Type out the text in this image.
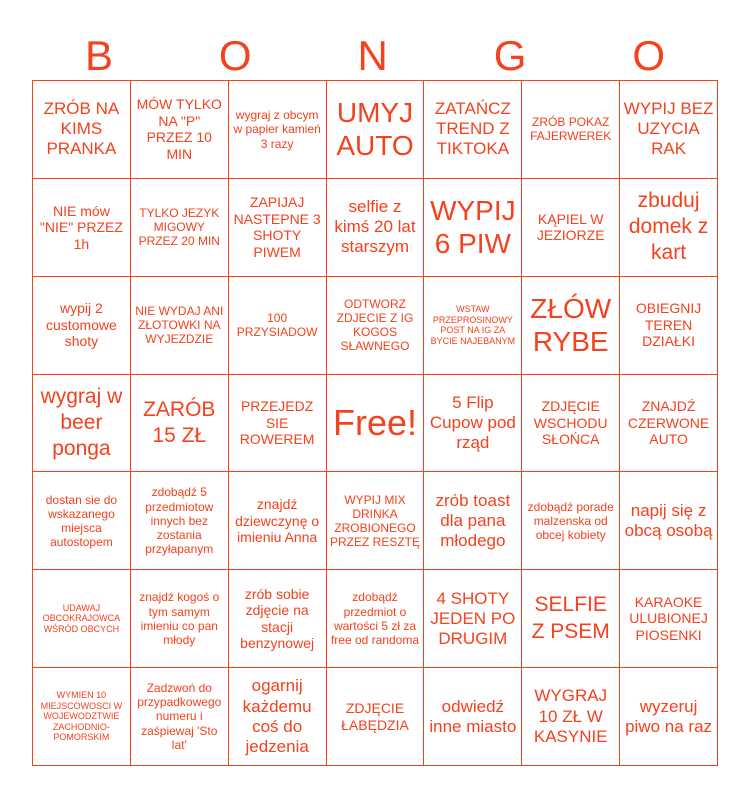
B	O	N	G	O
ZRÓB NA KIMS PRANKA
MÓW TYLKO NA "P" PRZEZ 10 MIN
wygraj z obcym w papier kamień 3 razy
UMYJ AUTO
ZATAŃCZ TREND Z TIKTOKA
ZRÓB POKAZ FAJERWEREK
WYPIJ BEZ UZYCIA RAK
NIE mów "NIE" PRZEZ 1h
TYLKO JEZYK MIGOWY PRZEZ 20 MIN
ZAPIJAJ NASTEPNE 3 SHOTY PIWEM
selfie z kimś 20 lat starszym
WYPIJ 6 PIW
KĄPIEL W JEZIORZE
zbuduj domek z kart
wypij 2 customowe shoty
NIE WYDAJ ANI ZŁOTOWKI NA WYJEZDZIE
100 PRZYSIADOW
ODTWORZ ZDJECIE Z IG KOGOS SŁAWNEGO
WSTAW PRZEPROSINOWY POST NA IG ZA BYCIE NAJEBANYM
ZŁÓW RYBE
OBIEGNIJ TEREN DZIAŁKI
wygraj w beer ponga
ZARÓB 15 ZŁ
PRZEJEDZ SIE ROWEREM Free!	5 Flip Cupow pod rząd
ZDJĘCIE WSCHODU SŁOŃCA
ZNAJDŹ CZERWONE AUTO
dostan sie do wskazanego miejsca autostopem
zdobądź 5 przedmiotow innych bez zostania przyłapanym
znajdź dziewczynę o imieniu Anna
WYPIJ MIX DRINKA ZROBIONEGO PRZEZ RESZTĘ
zrób toast dla pana młodego
zdobądź porade malzenska od obcej kobiety
napij się z obcą osobą
UDAWAJ OBCOKRAJOWCA WŚRÓD OBCYCH
znajdź kogoś o tym samym imieniu co pan młody
zrób sobie zdjęcie na stacji benzynowej
zdobądź przedmiot o wartości 5 zł za free od randoma
4 SHOTY JEDEN PO DRUGIM
SELFIE Z PSEM
KARAOKE ULUBIONEJ PIOSENKI
WYMIEN 10 MIEJSCOWOSCI W WOJEWODZTWIE ZACHODNIO-POMORSKIM
Zadzwoń do przypadkowego numeru i zaśpiewaj 'Sto lat'
ogarnij każdemu coś do jedzenia
ZDJĘCIE ŁABĘDZIA
odwiedź inne miasto
WYGRAJ 10 ZŁ W KASYNIE
wyzeruj piwo na raz
